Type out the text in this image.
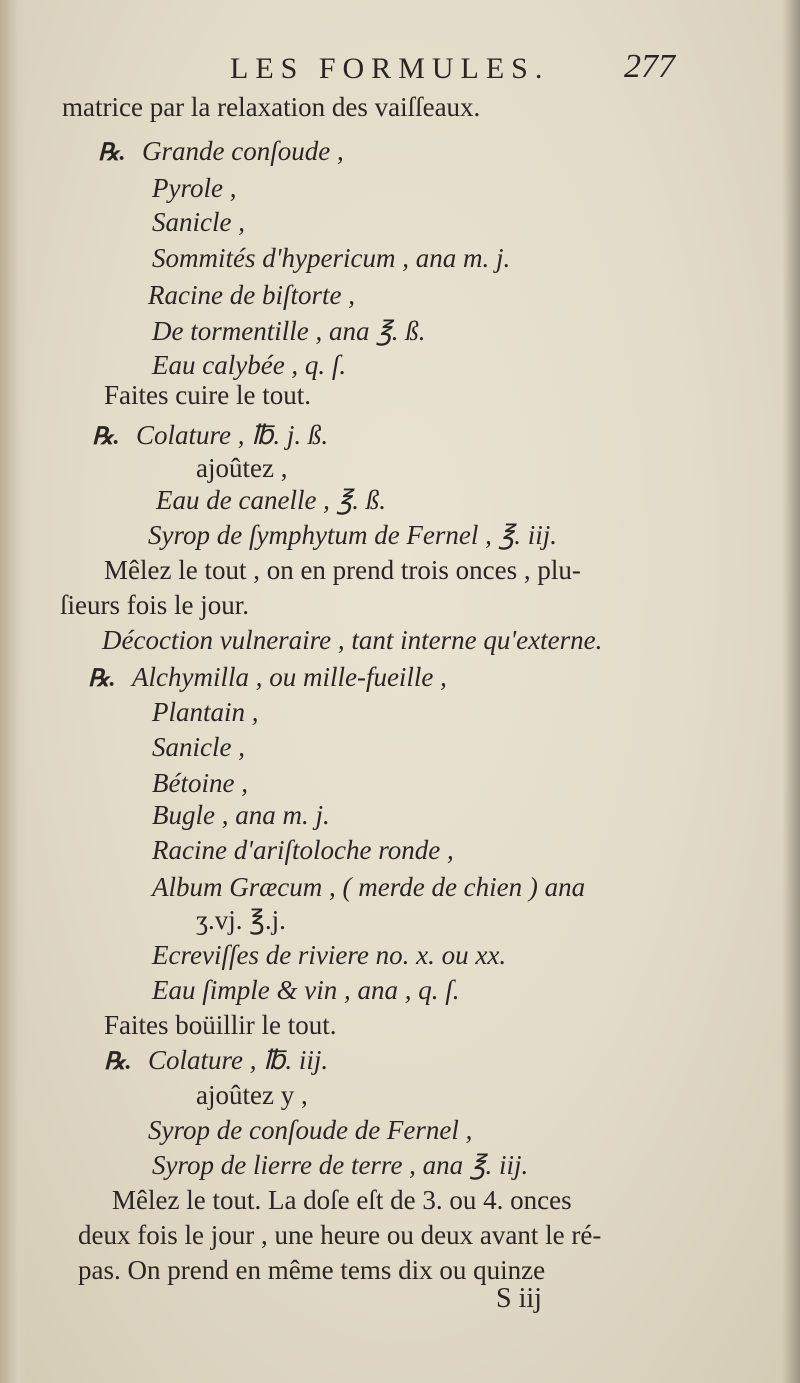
LES FORMULES. 277
matrice par la relaxation des vaiſſeaux.
℞. Grande conſoude ,
Pyrole ,
Sanicle ,
Sommités d'hypericum , ana m. j.
Racine de biſtorte ,
De tormentille , ana ℥. ß.
Eau calybée , q. ſ.
Faites cuire le tout.
℞. Colature , ℔. j. ß.
ajoûtez ,
Eau de canelle , ℥. ß.
Syrop de ſymphytum de Fernel , ℥. iij.
Mêlez le tout , on en prend trois onces , plu-
ſieurs fois le jour.
Décoction vulneraire , tant interne qu'externe.
℞. Alchymilla , ou mille-fueille ,
Plantain ,
Sanicle ,
Bétoine ,
Bugle , ana m. j.
Racine d'ariſtoloche ronde ,
Album Græcum , ( merde de chien ) ana
ʒ.vj. ℥.j.
Ecreviſſes de riviere no. x. ou xx.
Eau ſimple & vin , ana , q. ſ.
Faites boüillir le tout.
℞. Colature , ℔. iij.
ajoûtez y ,
Syrop de conſoude de Fernel ,
Syrop de lierre de terre , ana ℥. iij.
Mêlez le tout. La doſe eſt de 3. ou 4. onces
deux fois le jour , une heure ou deux avant le ré-
pas. On prend en même tems dix ou quinze
S iij
